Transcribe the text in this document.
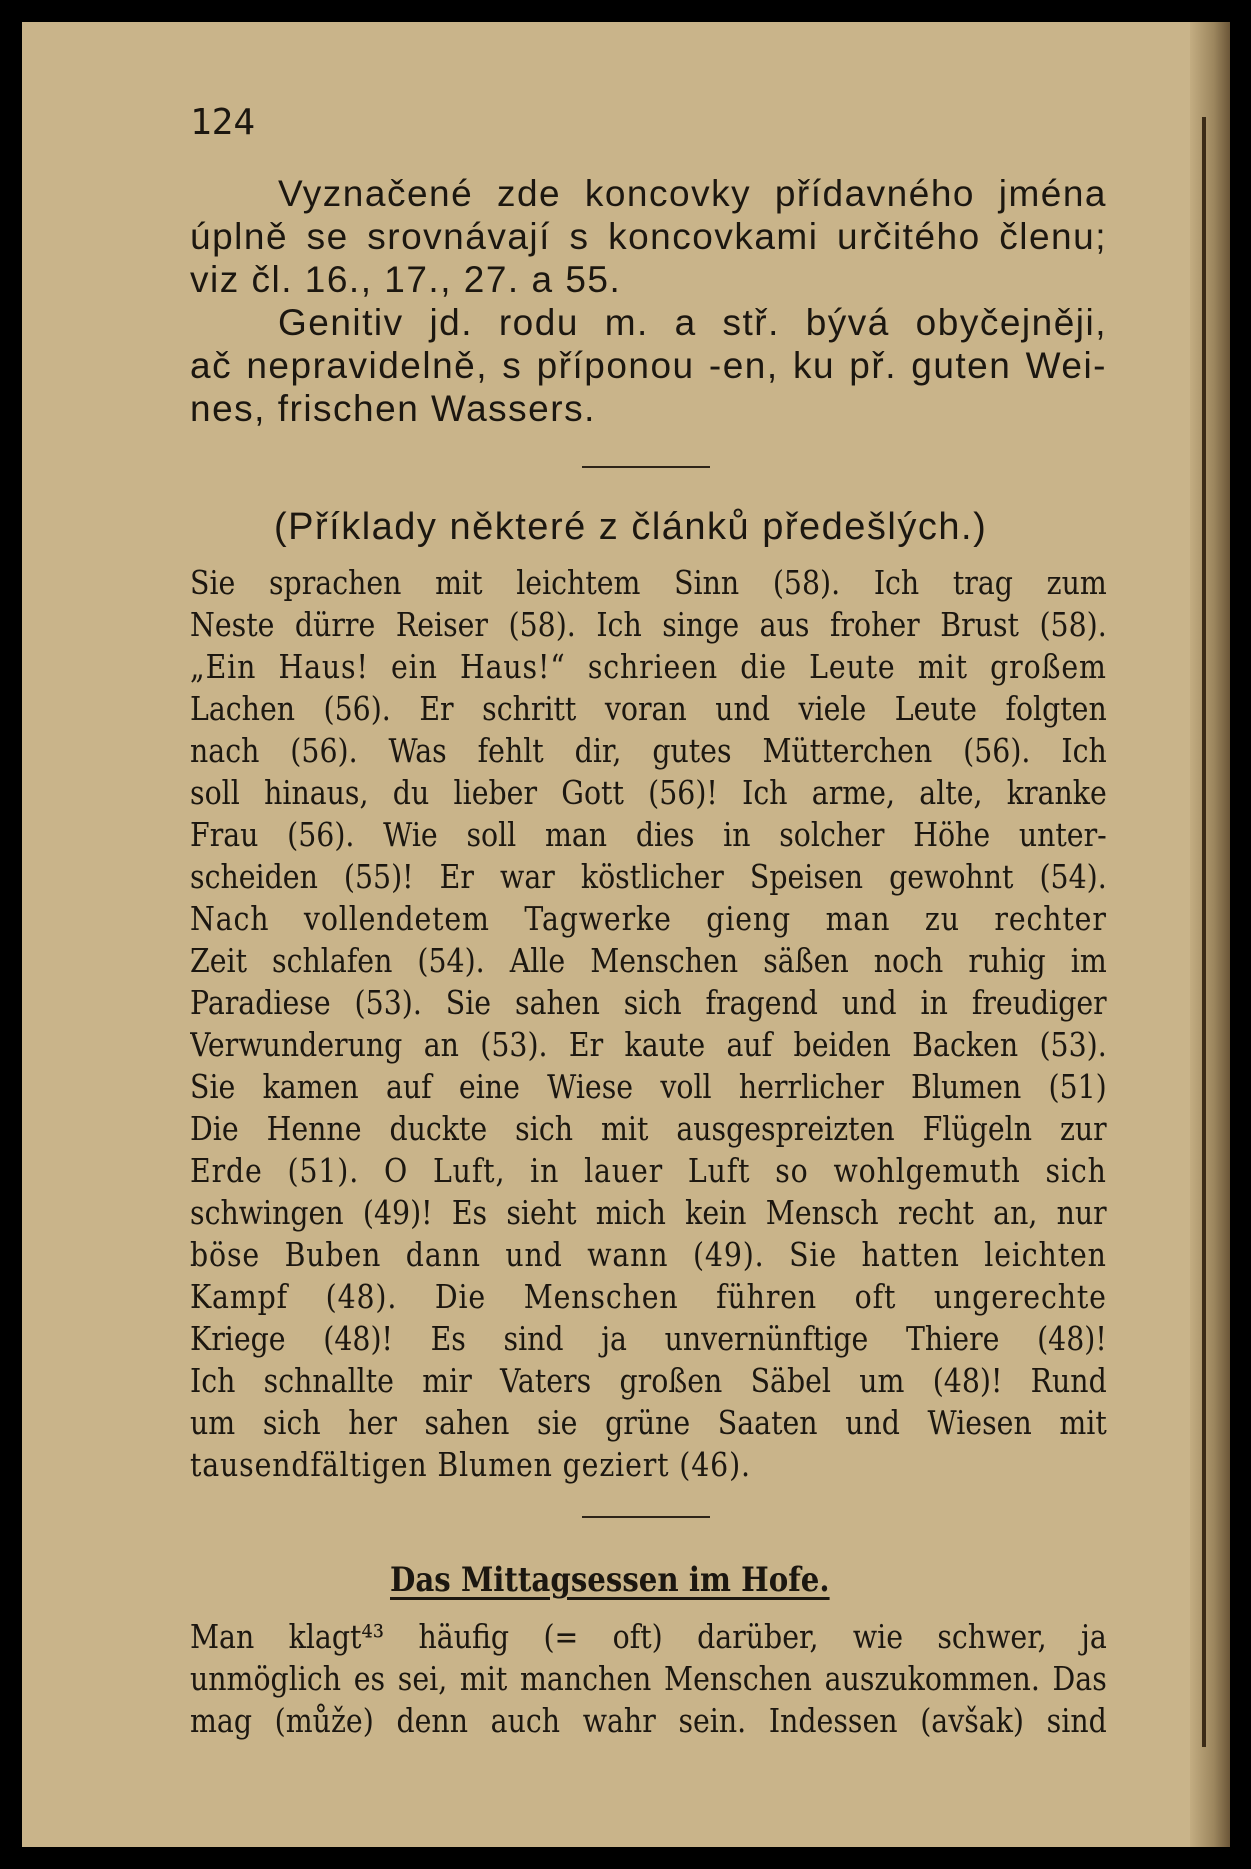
124
Vyznačené zde koncovky přídavného jména
úplně se srovnávají s koncovkami určitého členu;
viz čl. 16., 17., 27. a 55.
Genitiv jd. rodu m. a stř. bývá obyčejněji,
ač nepravidelně, s příponou -en, ku př. guten Wei-
nes, frischen Wassers.
(Příklady některé z článků předešlých.)
Sie sprachen mit leichtem Sinn (58). Ich trag zum
Neste dürre Reiser (58). Ich singe aus froher Brust (58).
„Ein Haus! ein Haus!“ schrieen die Leute mit großem
Lachen (56). Er schritt voran und viele Leute folgten
nach (56). Was fehlt dir, gutes Mütterchen (56). Ich
soll hinaus, du lieber Gott (56)! Ich arme, alte, kranke
Frau (56). Wie soll man dies in solcher Höhe unter-
scheiden (55)! Er war köstlicher Speisen gewohnt (54).
Nach vollendetem Tagwerke gieng man zu rechter
Zeit schlafen (54). Alle Menschen säßen noch ruhig im
Paradiese (53). Sie sahen sich fragend und in freudiger
Verwunderung an (53). Er kaute auf beiden Backen (53).
Sie kamen auf eine Wiese voll herrlicher Blumen (51)
Die Henne duckte sich mit ausgespreizten Flügeln zur
Erde (51). O Luft, in lauer Luft so wohlgemuth sich
schwingen (49)! Es sieht mich kein Mensch recht an, nur
böse Buben dann und wann (49). Sie hatten leichten
Kampf (48). Die Menschen führen oft ungerechte
Kriege (48)! Es sind ja unvernünftige Thiere (48)!
Ich schnallte mir Vaters großen Säbel um (48)! Rund
um sich her sahen sie grüne Saaten und Wiesen mit
tausendfältigen Blumen geziert (46).
Das Mittagsessen im Hofe.
Man klagt⁴³ häufig (= oft) darüber, wie schwer, ja
unmöglich es sei, mit manchen Menschen auszukommen. Das
mag (může) denn auch wahr sein. Indessen (avšak) sind
